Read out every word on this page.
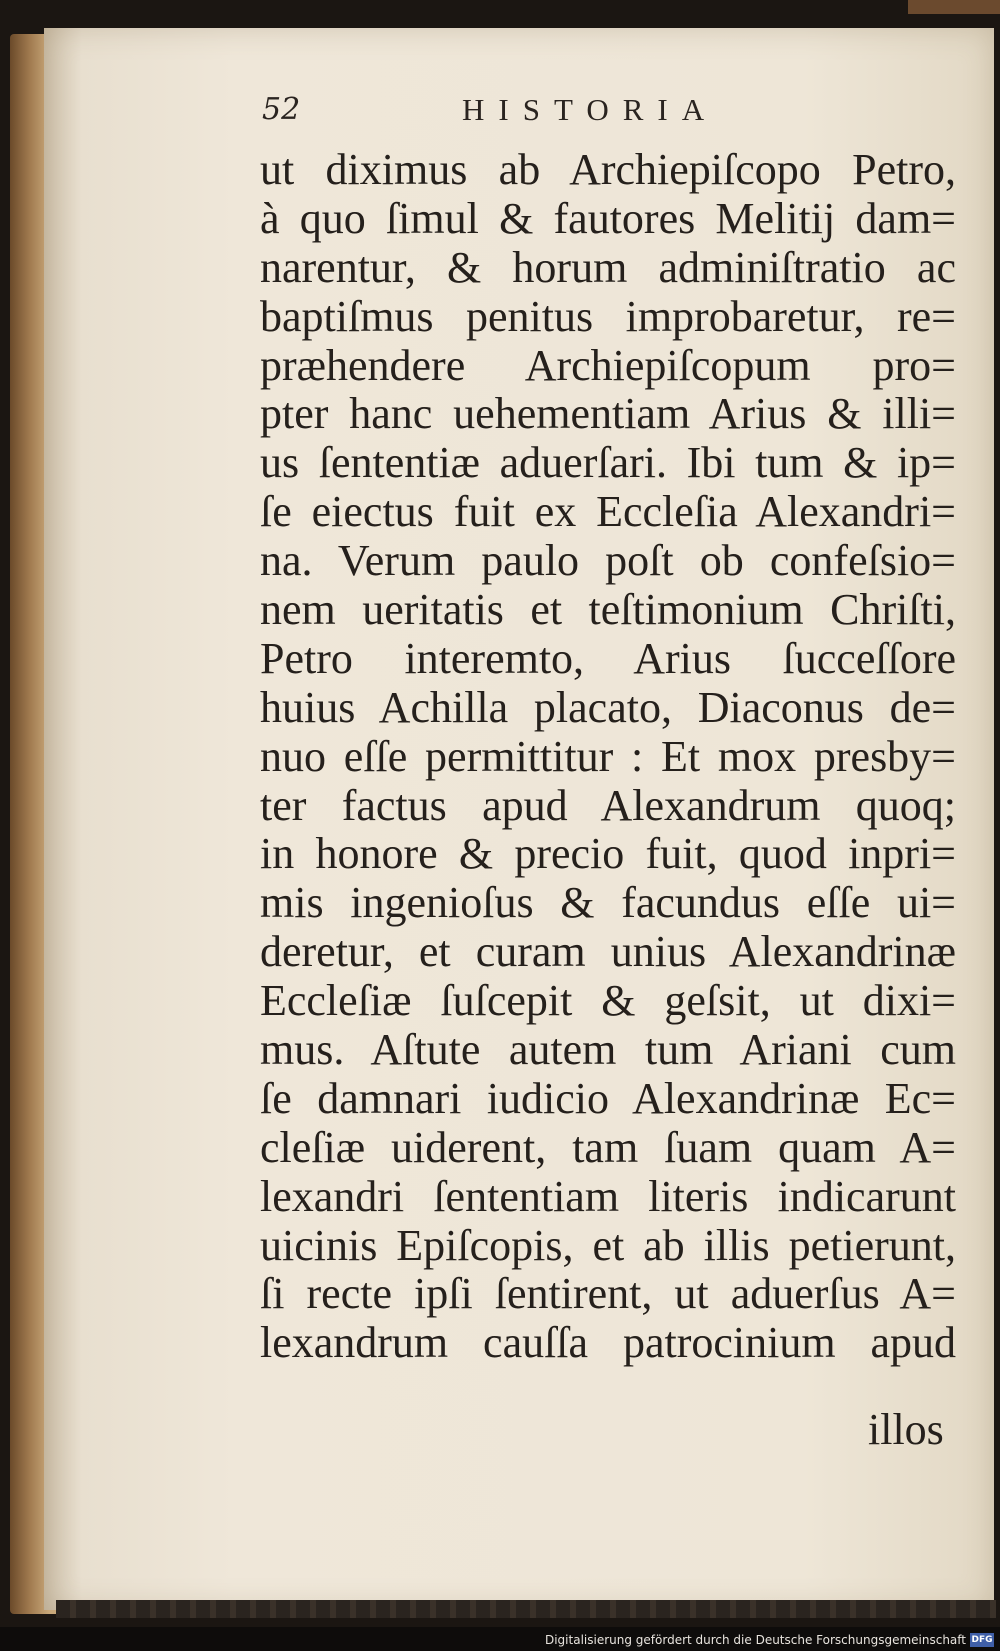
52	HISTORIA
ut diximus ab Archiepiſcopo Petro,
à quo ſimul & fautores Melitij dam=
narentur, & horum adminiſtratio ac
baptiſmus penitus improbaretur, re=
præhendere Archiepiſcopum pro=
pter hanc uehementiam Arius & illi=
us ſententiæ aduerſari. Ibi tum & ip=
ſe eiectus fuit ex Eccleſia Alexandri=
na. Verum paulo poſt ob confeſsio=
nem ueritatis et teſtimonium Chriſti,
Petro interemto, Arius ſucceſſore
huius Achilla placato, Diaconus de=
nuo eſſe permittitur : Et mox presby=
ter factus apud Alexandrum quoq;
in honore & precio fuit, quod inpri=
mis ingenioſus & facundus eſſe ui=
deretur, et curam unius Alexandrinæ
Eccleſiæ ſuſcepit & geſsit, ut dixi=
mus. Aſtute autem tum Ariani cum
ſe damnari iudicio Alexandrinæ Ec=
cleſiæ uiderent, tam ſuam quam A=
lexandri ſententiam literis indicarunt
uicinis Epiſcopis, et ab illis petierunt,
ſi recte ipſi ſentirent, ut aduerſus A=
lexandrum cauſſa patrocinium apud
illos
Digitalisierung gefördert durch die Deutsche Forschungsgemeinschaft DFG
